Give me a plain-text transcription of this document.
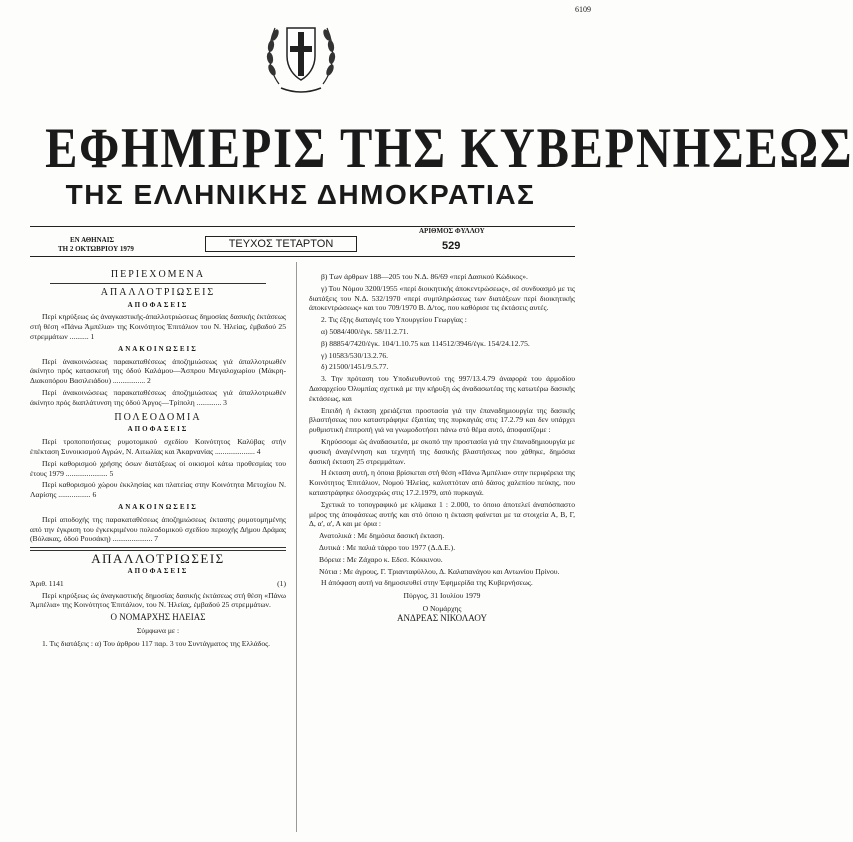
6109
ΕΦΗΜΕΡΙΣ ΤΗΣ ΚΥΒΕΡΝΗΣΕΩΣ
ΤΗΣ ΕΛΛΗΝΙΚΗΣ ΔΗΜΟΚΡΑΤΙΑΣ
ΕΝ ΑΘΗΝΑΙΣ
ΤΗ 2 ΟΚΤΩΒΡΙΟΥ 1979	ΤΕΥΧΟΣ ΤΕΤΑΡΤΟΝ
ΑΡΙΘΜΟΣ ΦΥΛΛΟΥ
529
ΠΕΡΙΕΧΟΜΕΝΑ
ΑΠΑΛΛΟΤΡΙΩΣΕΙΣ
ΑΠΟΦΑΣΕΙΣ

Περί κηρύξεως ώς άναγκαστικής-άπαλλοτριώσεως δημοσίας δασικής έκτάσεως στή θέση «Πάνω Άμπέλια» της Κοινότητος Έπιτάλιον του Ν. Ήλείας, έμβαδού 25 στρεμμάτων .......... 1

ΑΝΑΚΟΙΝΩΣΕΙΣ

Περί άνακοινώσεως παρακαταθέσεως άποζημιώσεως γιά άπαλλοτριωθέν άκίνητο πρός κατασκευή της όδού Καλάμου—Άσπρου Μεγαλοχωρίου (Μάκρη-Διακοπόρου Βασιλειάδου) ................. 2

Περί άνακοινώσεως παρακαταθέσεως άποζημιώσεως γιά άπαλλοτριωθέν άκίνητο πρός διαπλάτυνση της όδού Άργος—Τρίπολη ............. 3

ΠΟΛΕΟΔΟΜΙΑ
ΑΠΟΦΑΣΕΙΣ

Περί τροποποιήσεως ρυμοτομικού σχεδίου Κοινότητος Καλύβας στήν έπέκταση Συνοικισμού Αγρών, Ν. Αιτωλίας και Άκαρνανίας ..................... 4

Περί καθορισμού χρήσης όσων διατάξεως οί οικισμοί κάτω προθεσμίας του έτους 1979 ...................... 5

Περί καθορισμού χώρου έκκλησίας και πλατείας στην Κοινότητα Μετοχίου Ν. Λαρίσης ................. 6

ΑΝΑΚΟΙΝΩΣΕΙΣ

Περί αποδοχής της παρακαταθέσεως άποζημιώσεως έκτασης ρυμοτομημένης από την έγκριση του έγκεκριμένου πολεοδομικού σχεδίου περιοχής Δήμου Δράμας (Βόλακας, όδού Ρουσάκη) ..................... 7

ΑΠΑΛΛΟΤΡΙΩΣΕΙΣ
ΑΠΟΦΑΣΕΙΣ
Άριθ. 1141	(1)

Περί κηρύξεως ώς άναγκαστικής δημοσίας δασικής έκτάσεως στή θέση «Πάνω Άμπέλια» της Κοινότητος Έπιτάλιον, του Ν. Ήλείας, έμβαδού 25 στρεμμάτων.

Ο ΝΟΜΑΡΧΗΣ ΗΛΕΙΑΣ
Σύμφωνα με :

1. Τις διατάξεις : α) Του άρθρου 117 παρ. 3 του Συντάγματος της Ελλάδος.

β) Των άρθρων 188—205 του Ν.Δ. 86/69 «περί Δασικού Κώδικος».

γ) Του Νόμου 3200/1955 «περί διοικητικής άποκεντρώσεως», σέ συνδυασμό με τις διατάξεις του Ν.Δ. 532/1970 «περί συμπληρώσεως των διατάξεων περί διοικητικής άποκεντρώσεως» και του 709/1970 Β. Δ/τος, που καθόρισε τις έκτάσεις αυτές.

2. Τις έξης διαταγές του Υπουργείου Γεωργίας :

α) 5084/400/έγκ. 58/11.2.71.

β) 88854/7420/έγκ. 104/1.10.75 και 114512/3946/έγκ. 154/24.12.75.

γ) 10583/530/13.2.76.

δ) 21500/1451/9.5.77.

3. Την πρόταση του Υποδιευθυντού της 997/13.4.79 άναφορά του άρμοδίου Δασαρχείου Όλυμπίας σχετικά με την κήρυξη ώς άναδασωτέας της κατωτέρω δασικής έκτάσεως, και

Επειδή ή έκταση χρειάζεται προστασία γιά την έπαναδημιουργία της δασικής βλαστήσεως που καταστράφηκε έξαιτίας της πυρκαγιάς στις 17.2.79 και δεν υπάρχει ρυθμιστική έπιτροπή γιά να γνωμοδοτήσει πάνω στό θέμα αυτό, άποφασίζομε :

Κηρύσσομε ώς άναδασωτέα, με σκοπό την προστασία γιά την έπαναδημιουργία με φυσική άναγέννηση και τεχνητή της δασικής βλαστήσεως που χάθηκε, δημόσια δασική έκταση 25 στρεμμάτων.

Η έκταση αυτή, η όποια βρίσκεται στή θέση «Πάνω Άμπέλια» στην περιφέρεια της Κοινότητος Έπιτάλιον, Νομού Ήλείας, καλυπτόταν από δάσος χαλεπίου πεύκης, που καταστράφηκε όλοσχερώς στις 17.2.1979, από πυρκαγιά.

Σχετικά το τοπογραφικό με κλίμακα 1 : 2.000, το όποιο άποτελεί άναπόσπαστο μέρος της άποφάσεως αυτής και στό όποιο η έκταση φαίνεται με τα στοιχεία Α, Β, Γ, Δ, α', α', Α και με όρια :

Ανατολικά : Με δημόσια δασική έκταση.

Δυτικά : Με παλιά τάφρο του 1977 (Δ.Δ.Ε.).

Βόρεια : Με Ζάχαρο κ. Εδεσ. Κόκκινου.

Νότια : Με άγρους, Γ. Τριανταφύλλου, Δ. Καλαπανάγου και Αντωνίου Πρίνου.

Η άπόφαση αυτή να δημοσιευθεί στην Έφημερίδα της Κυβερνήσεως.

Πύργος, 31 Ιουλίου 1979
Ο Νομάρχης
ΑΝΔΡΕΑΣ ΝΙΚΟΛΑΟΥ
